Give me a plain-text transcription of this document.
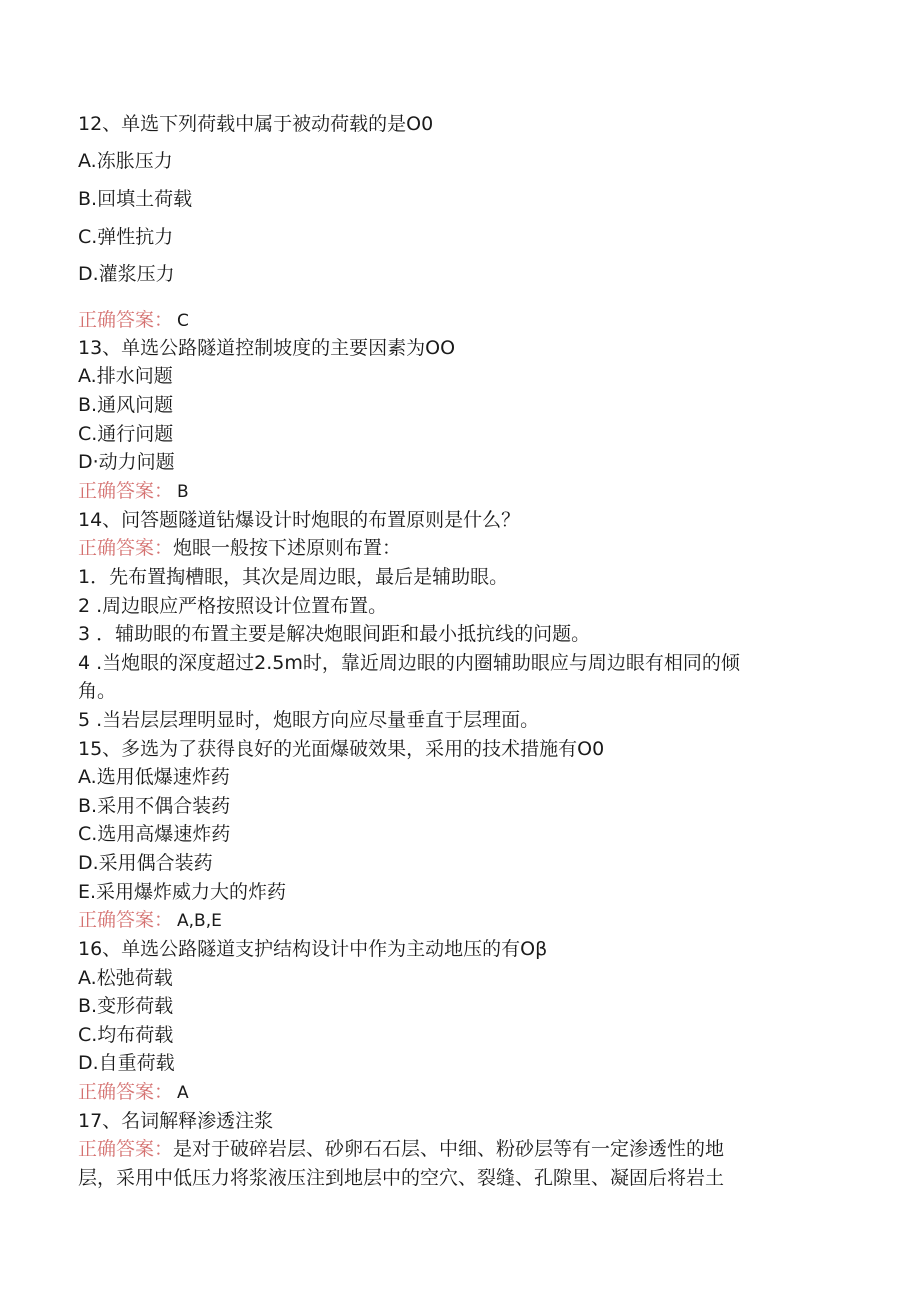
12、单选下列荷载中属于被动荷载的是O0
A.冻胀压力
B.回填土荷载
C.弹性抗力
D.灌浆压力
正确答案： C
13、单选公路隧道控制坡度的主要因素为OO
A.排水问题
B.通风问题
C.通行问题
D·动力问题
正确答案： B
14、问答题隧道钻爆设计时炮眼的布置原则是什么？
正确答案：炮眼一般按下述原则布置：
1．先布置掏槽眼，其次是周边眼，最后是辅助眼。
2 .周边眼应严格按照设计位置布置。
3 ．辅助眼的布置主要是解决炮眼间距和最小抵抗线的问题。
4 .当炮眼的深度超过2.5m时，靠近周边眼的内圈辅助眼应与周边眼有相同的倾
角。
5 .当岩层层理明显时，炮眼方向应尽量垂直于层理面。
15、多选为了获得良好的光面爆破效果，采用的技术措施有O0
A.选用低爆速炸药
B.采用不偶合装药
C.选用高爆速炸药
D.采用偶合装药
E.采用爆炸威力大的炸药
正确答案： A,B,E
16、单选公路隧道支护结构设计中作为主动地压的有Oβ
A.松弛荷载
B.变形荷载
C.均布荷载
D.自重荷载
正确答案： A
17、名词解释渗透注浆
正确答案：是对于破碎岩层、砂卵石石层、中细、粉砂层等有一定渗透性的地
层，采用中低压力将浆液压注到地层中的空穴、裂缝、孔隙里、凝固后将岩土
